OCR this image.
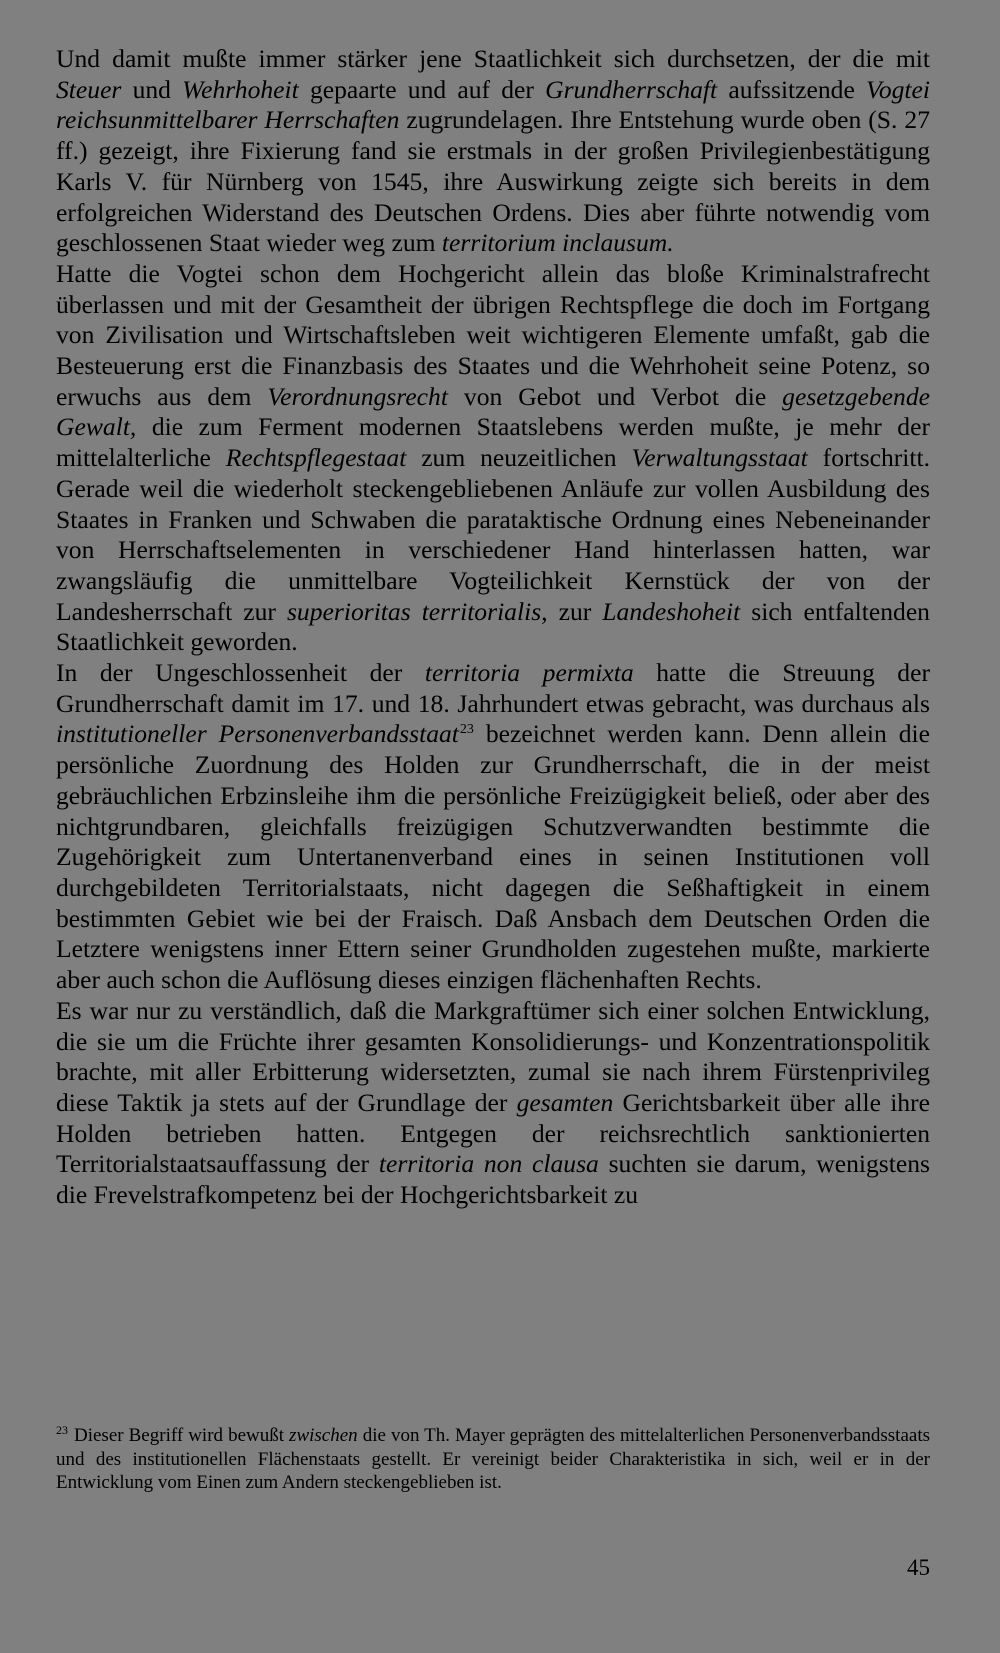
Und damit mußte immer stärker jene Staatlichkeit sich durchsetzen, der die mit Steuer und Wehrhoheit gepaarte und auf der Grundherrschaft aufssitzende Vogtei reichsunmittelbarer Herrschaften zugrundelagen. Ihre Entstehung wurde oben (S. 27 ff.) gezeigt, ihre Fixierung fand sie erstmals in der großen Privilegienbestätigung Karls V. für Nürnberg von 1545, ihre Auswirkung zeigte sich bereits in dem erfolgreichen Widerstand des Deutschen Ordens. Dies aber führte notwendig vom geschlossenen Staat wieder weg zum territorium inclausum.

Hatte die Vogtei schon dem Hochgericht allein das bloße Kriminalstrafrecht überlassen und mit der Gesamtheit der übrigen Rechtspflege die doch im Fortgang von Zivilisation und Wirtschaftsleben weit wichtigeren Elemente umfaßt, gab die Besteuerung erst die Finanzbasis des Staates und die Wehrhoheit seine Potenz, so erwuchs aus dem Verordnungsrecht von Gebot und Verbot die gesetzgebende Gewalt, die zum Ferment modernen Staatslebens werden mußte, je mehr der mittelalterliche Rechtspflegestaat zum neuzeitlichen Verwaltungsstaat fortschritt. Gerade weil die wiederholt steckengebliebenen Anläufe zur vollen Ausbildung des Staates in Franken und Schwaben die parataktische Ordnung eines Nebeneinander von Herrschaftselementen in verschiedener Hand hinterlassen hatten, war zwangsläufig die unmittelbare Vogteilichkeit Kernstück der von der Landesherrschaft zur superioritas territorialis, zur Landeshoheit sich entfaltenden Staatlichkeit geworden.

In der Ungeschlossenheit der territoria permixta hatte die Streuung der Grundherrschaft damit im 17. und 18. Jahrhundert etwas gebracht, was durchaus als institutioneller Personenverbandsstaat$^{23}$ bezeichnet werden kann. Denn allein die persönliche Zuordnung des Holden zur Grundherrschaft, die in der meist gebräuchlichen Erbzinsleihe ihm die persönliche Freizügigkeit beließ, oder aber des nichtgrundbaren, gleichfalls freizügigen Schutzverwandten bestimmte die Zugehörigkeit zum Untertanenverband eines in seinen Institutionen voll durchgebildeten Territorialstaats, nicht dagegen die Seßhaftigkeit in einem bestimmten Gebiet wie bei der Fraisch. Daß Ansbach dem Deutschen Orden die Letztere wenigstens inner Ettern seiner Grundholden zugestehen mußte, markierte aber auch schon die Auflösung dieses einzigen flächenhaften Rechts.

Es war nur zu verständlich, daß die Markgraftümer sich einer solchen Entwicklung, die sie um die Früchte ihrer gesamten Konsolidierungs- und Konzentrationspolitik brachte, mit aller Erbitterung widersetzten, zumal sie nach ihrem Fürstenprivileg diese Taktik ja stets auf der Grundlage der gesamten Gerichtsbarkeit über alle ihre Holden betrieben hatten. Entgegen der reichsrechtlich sanktionierten Territorialstaatsauffassung der territoria non clausa suchten sie darum, wenigstens die Frevelstrafkompetenz bei der Hochgerichtsbarkeit zu

$^{23}$ Dieser Begriff wird bewußt zwischen die von Th. Mayer geprägten des mittelalterlichen Personenverbandsstaats und des institutionellen Flächenstaats gestellt. Er vereinigt beider Charakteristika in sich, weil er in der Entwicklung vom Einen zum Andern steckengeblieben ist.

45
